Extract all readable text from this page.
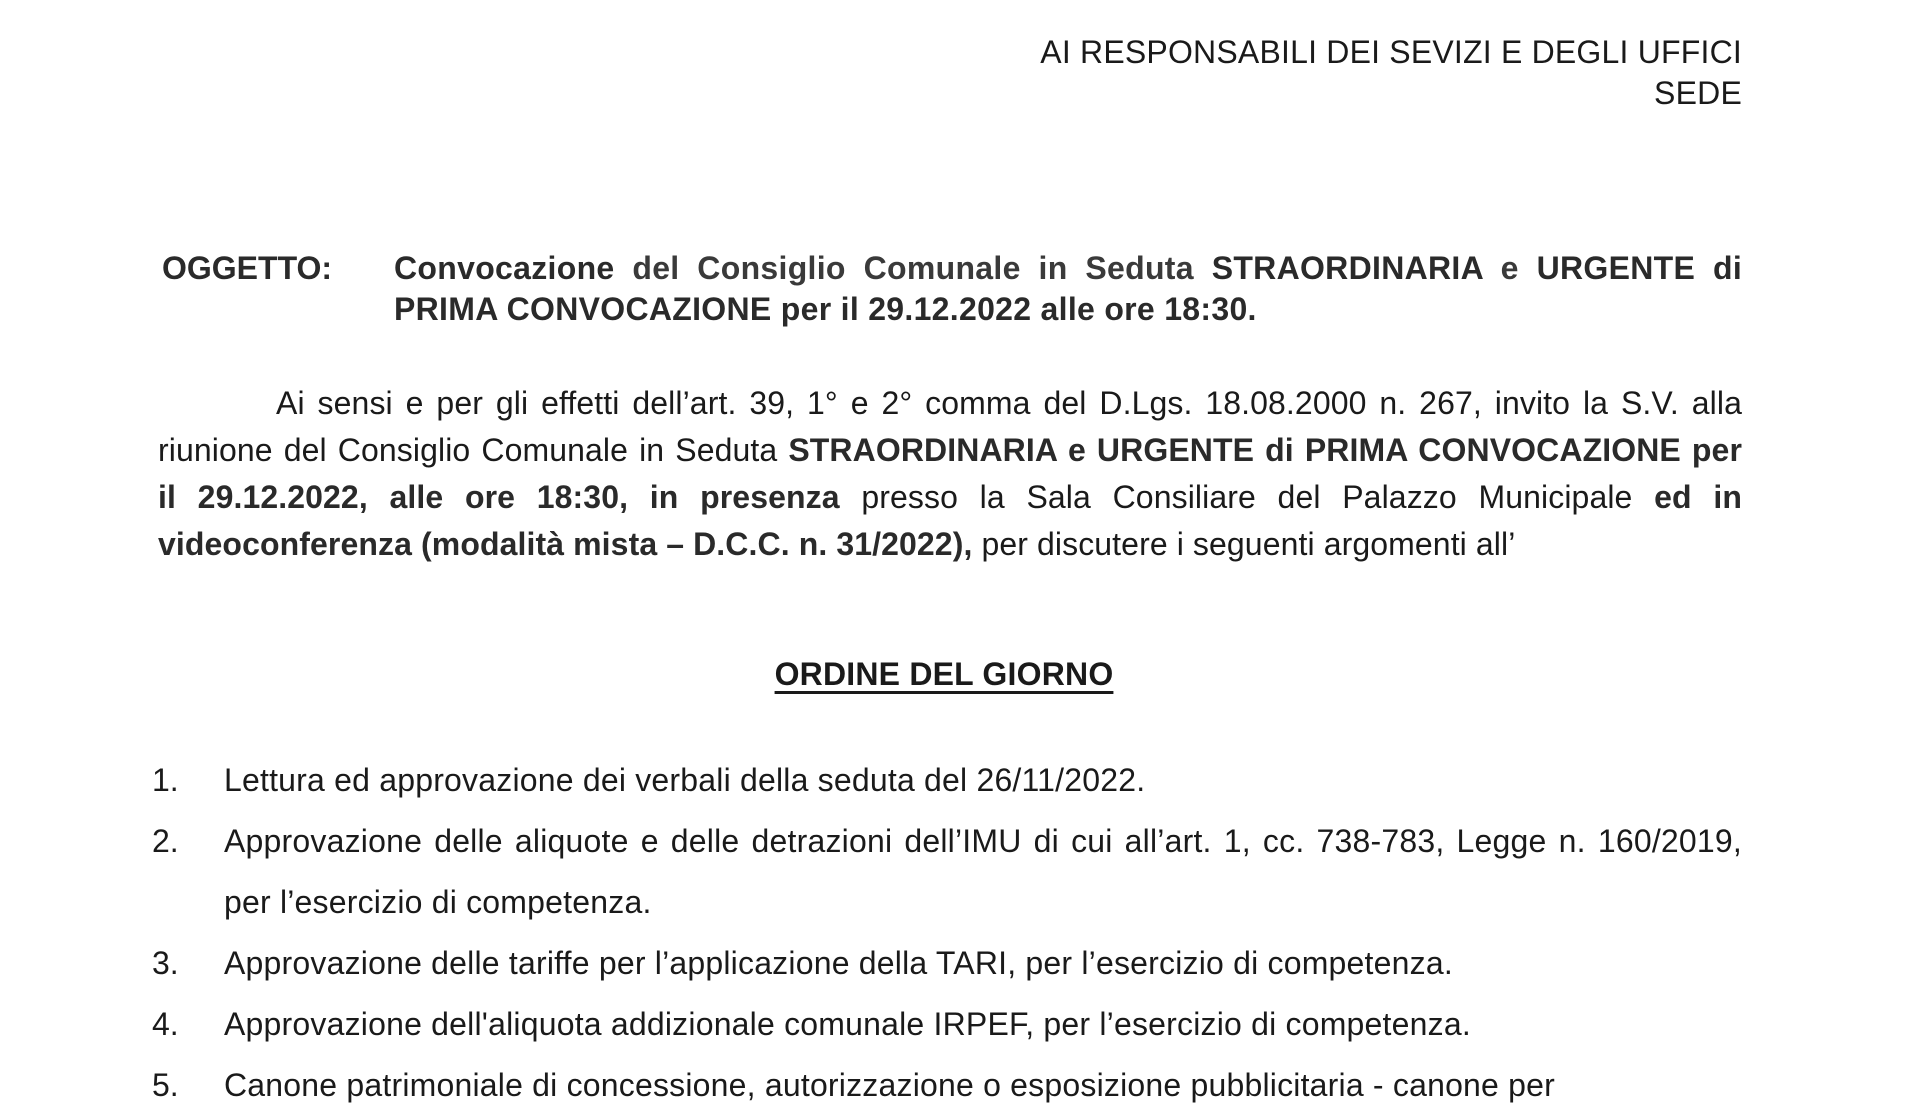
AI RESPONSABILI DEI SEVIZI E DEGLI UFFICI
SEDE
OGGETTO: Convocazione del Consiglio Comunale in Seduta STRAORDINARIA e URGENTE di PRIMA CONVOCAZIONE per il 29.12.2022 alle ore 18:30.
Ai sensi e per gli effetti dell’art. 39, 1° e 2° comma del D.Lgs. 18.08.2000 n. 267, invito la S.V. alla riunione del Consiglio Comunale in Seduta STRAORDINARIA e URGENTE di PRIMA CONVOCAZIONE per il 29.12.2022, alle ore 18:30, in presenza presso la Sala Consiliare del Palazzo Municipale ed in videoconferenza (modalità mista – D.C.C. n. 31/2022), per discutere i seguenti argomenti all’
ORDINE DEL GIORNO
1. Lettura ed approvazione dei verbali della seduta del 26/11/2022.
2. Approvazione delle aliquote e delle detrazioni dell’IMU di cui all’art. 1, cc. 738-783, Legge n. 160/2019, per l’esercizio di competenza.
3. Approvazione delle tariffe per l’applicazione della TARI, per l’esercizio di competenza.
4. Approvazione dell'aliquota addizionale comunale IRPEF, per l’esercizio di competenza.
5. Canone patrimoniale di concessione, autorizzazione o esposizione pubblicitaria - canone per
